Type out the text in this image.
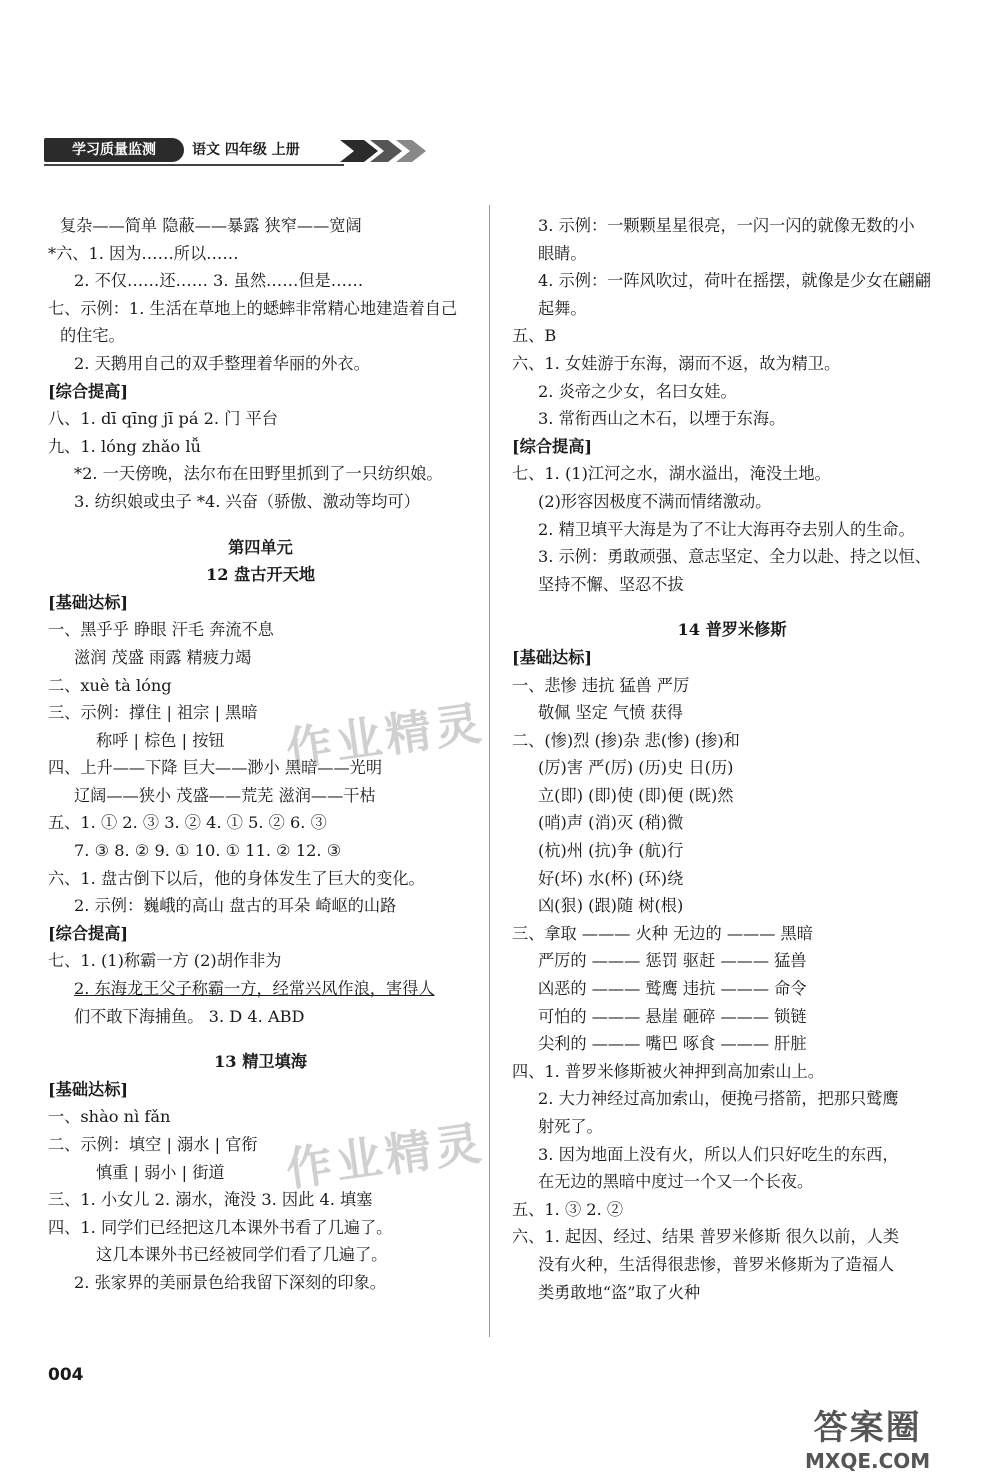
学习质量监测	语文 四年级 上册
复杂——简单 隐蔽——暴露 狭窄——宽阔
*六、1. 因为……所以……
2. 不仅……还…… 3. 虽然……但是……
七、示例：1. 生活在草地上的蟋蟀非常精心地建造着自己
的住宅。
2. 天鹅用自己的双手整理着华丽的外衣。
[综合提高]
八、1. dī qīng jī pá 2. 门 平台
九、1. lóng zhǎo lǚ
*2. 一天傍晚，法尔布在田野里抓到了一只纺织娘。
3. 纺织娘或虫子 *4. 兴奋（骄傲、激动等均可）
第四单元
12 盘古开天地
[基础达标]
一、黑乎乎 睁眼 汗毛 奔流不息
滋润 茂盛 雨露 精疲力竭
二、xuè tà lóng
三、示例：撑住 | 祖宗 | 黑暗
称呼 | 棕色 | 按钮
四、上升——下降 巨大——渺小 黑暗——光明
辽阔——狭小 茂盛——荒芜 滋润——干枯
五、1. ① 2. ③ 3. ② 4. ① 5. ② 6. ③
7. ③ 8. ② 9. ① 10. ① 11. ② 12. ③
六、1. 盘古倒下以后，他的身体发生了巨大的变化。
2. 示例：巍峨的高山 盘古的耳朵 崎岖的山路
[综合提高]
七、1. (1)称霸一方 (2)胡作非为
2. 东海龙王父子称霸一方，经常兴风作浪，害得人
们不敢下海捕鱼。 3. D 4. ABD
13 精卫填海
[基础达标]
一、shào nì fǎn
二、示例：填空 | 溺水 | 官衔
慎重 | 弱小 | 街道
三、1. 小女儿 2. 溺水，淹没 3. 因此 4. 填塞
四、1. 同学们已经把这几本课外书看了几遍了。
这几本课外书已经被同学们看了几遍了。
2. 张家界的美丽景色给我留下深刻的印象。
3. 示例：一颗颗星星很亮，一闪一闪的就像无数的小
眼睛。
4. 示例：一阵风吹过，荷叶在摇摆，就像是少女在翩翩
起舞。
五、B
六、1. 女娃游于东海，溺而不返，故为精卫。
2. 炎帝之少女，名曰女娃。
3. 常衔西山之木石，以堙于东海。
[综合提高]
七、1. (1)江河之水，湖水溢出，淹没土地。
(2)形容因极度不满而情绪激动。
2. 精卫填平大海是为了不让大海再夺去别人的生命。
3. 示例：勇敢顽强、意志坚定、全力以赴、持之以恒、
坚持不懈、坚忍不拔
14 普罗米修斯
[基础达标]
一、悲惨 违抗 猛兽 严厉
敬佩 坚定 气愤 获得
二、(惨)烈 (掺)杂 悲(惨) (掺)和
(厉)害 严(厉) (历)史 日(历)
立(即) (即)使 (即)便 (既)然
(哨)声 (消)灭 (稍)微
(杭)州 (抗)争 (航)行
好(坏) 水(杯) (环)绕
凶(狠) (跟)随 树(根)
三、拿取 ——— 火种 无边的 ——— 黑暗
严厉的 ——— 惩罚 驱赶 ——— 猛兽
凶恶的 ——— 鹫鹰 违抗 ——— 命令
可怕的 ——— 悬崖 砸碎 ——— 锁链
尖利的 ——— 嘴巴 啄食 ——— 肝脏
四、1. 普罗米修斯被火神押到高加索山上。
2. 大力神经过高加索山，便挽弓搭箭，把那只鹫鹰
射死了。
3. 因为地面上没有火，所以人们只好吃生的东西，
在无边的黑暗中度过一个又一个长夜。
五、1. ③ 2. ②
六、1. 起因、经过、结果 普罗米修斯 很久以前，人类
没有火种，生活得很悲惨，普罗米修斯为了造福人
类勇敢地“盗”取了火种
作业精灵
作业精灵
004
答案圈
MXQE.COM
